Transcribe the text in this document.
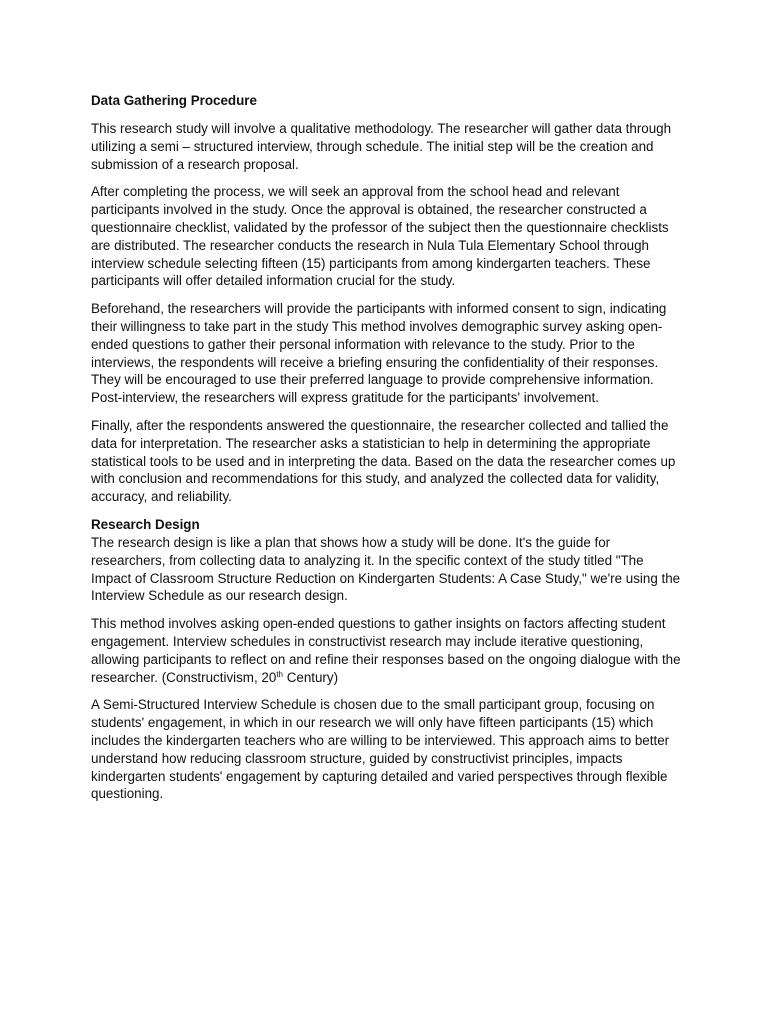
Data Gathering Procedure

This research study will involve a qualitative methodology. The researcher will gather data through utilizing a semi – structured interview, through schedule. The initial step will be the creation and submission of a research proposal.

After completing the process, we will seek an approval from the school head and relevant participants involved in the study. Once the approval is obtained, the researcher constructed a questionnaire checklist, validated by the professor of the subject then the questionnaire checklists are distributed. The researcher conducts the research in Nula Tula Elementary School through interview schedule selecting fifteen (15) participants from among kindergarten teachers. These participants will offer detailed information crucial for the study.

Beforehand, the researchers will provide the participants with informed consent to sign, indicating their willingness to take part in the study This method involves demographic survey asking open-ended questions to gather their personal information with relevance to the study. Prior to the interviews, the respondents will receive a briefing ensuring the confidentiality of their responses. They will be encouraged to use their preferred language to provide comprehensive information. Post-interview, the researchers will express gratitude for the participants' involvement.

Finally, after the respondents answered the questionnaire, the researcher collected and tallied the data for interpretation. The researcher asks a statistician to help in determining the appropriate statistical tools to be used and in interpreting the data. Based on the data the researcher comes up with conclusion and recommendations for this study, and analyzed the collected data for validity, accuracy, and reliability.

Research Design

The research design is like a plan that shows how a study will be done. It's the guide for researchers, from collecting data to analyzing it. In the specific context of the study titled "The Impact of Classroom Structure Reduction on Kindergarten Students: A Case Study," we're using the Interview Schedule as our research design.

This method involves asking open-ended questions to gather insights on factors affecting student engagement. Interview schedules in constructivist research may include iterative questioning, allowing participants to reflect on and refine their responses based on the ongoing dialogue with the researcher. (Constructivism, 20th Century)

A Semi-Structured Interview Schedule is chosen due to the small participant group, focusing on students' engagement, in which in our research we will only have fifteen participants (15) which includes the kindergarten teachers who are willing to be interviewed. This approach aims to better understand how reducing classroom structure, guided by constructivist principles, impacts kindergarten students' engagement by capturing detailed and varied perspectives through flexible questioning.
